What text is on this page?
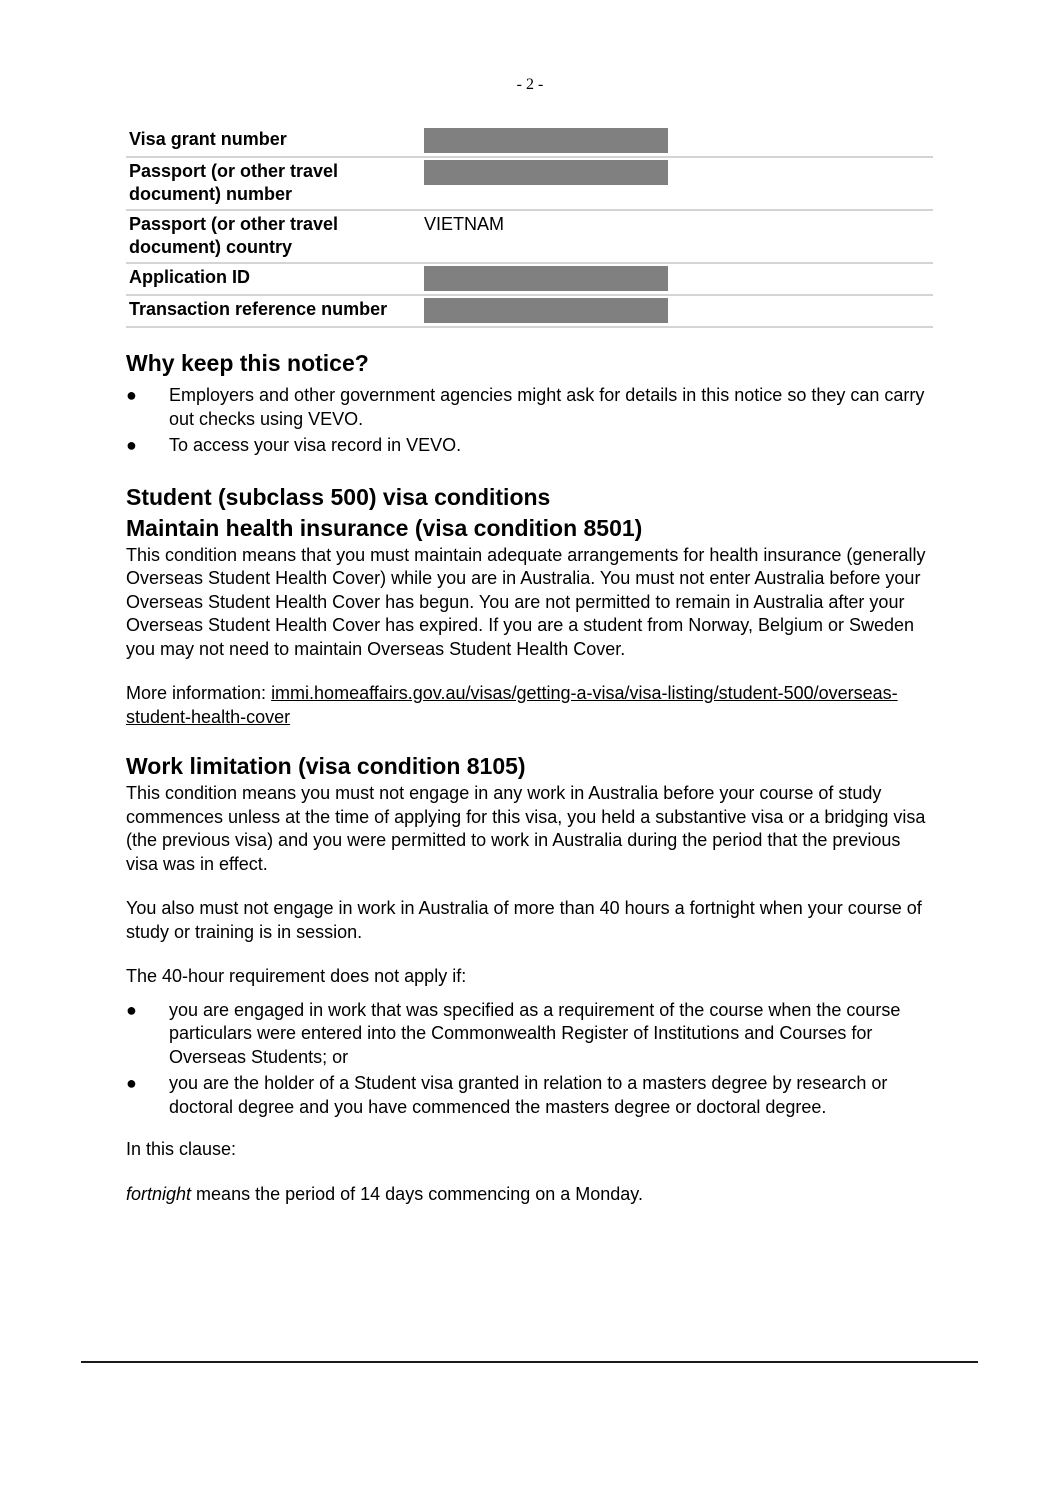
- 2 -
Visa grant number	

Passport (or other travel document) number	

Passport (or other travel document) country	VIETNAM
Application ID	

Transaction reference number	
Why keep this notice?
● Employers and other government agencies might ask for details in this notice so they can carry out checks using VEVO.
● To access your visa record in VEVO.
Student (subclass 500) visa conditions
Maintain health insurance (visa condition 8501)

This condition means that you must maintain adequate arrangements for health insurance (generally Overseas Student Health Cover) while you are in Australia. You must not enter Australia before your Overseas Student Health Cover has begun. You are not permitted to remain in Australia after your Overseas Student Health Cover has expired. If you are a student from Norway, Belgium or Sweden you may not need to maintain Overseas Student Health Cover.

More information: immi.homeaffairs.gov.au/visas/getting-a-visa/visa-listing/student-500/overseas-student-health-cover

Work limitation (visa condition 8105)

This condition means you must not engage in any work in Australia before your course of study commences unless at the time of applying for this visa, you held a substantive visa or a bridging visa (the previous visa) and you were permitted to work in Australia during the period that the previous visa was in effect.

You also must not engage in work in Australia of more than 40 hours a fortnight when your course of study or training is in session.

The 40-hour requirement does not apply if:

● you are engaged in work that was specified as a requirement of the course when the course particulars were entered into the Commonwealth Register of Institutions and Courses for Overseas Students; or
● you are the holder of a Student visa granted in relation to a masters degree by research or doctoral degree and you have commenced the masters degree or doctoral degree.

In this clause:

fortnight means the period of 14 days commencing on a Monday.
